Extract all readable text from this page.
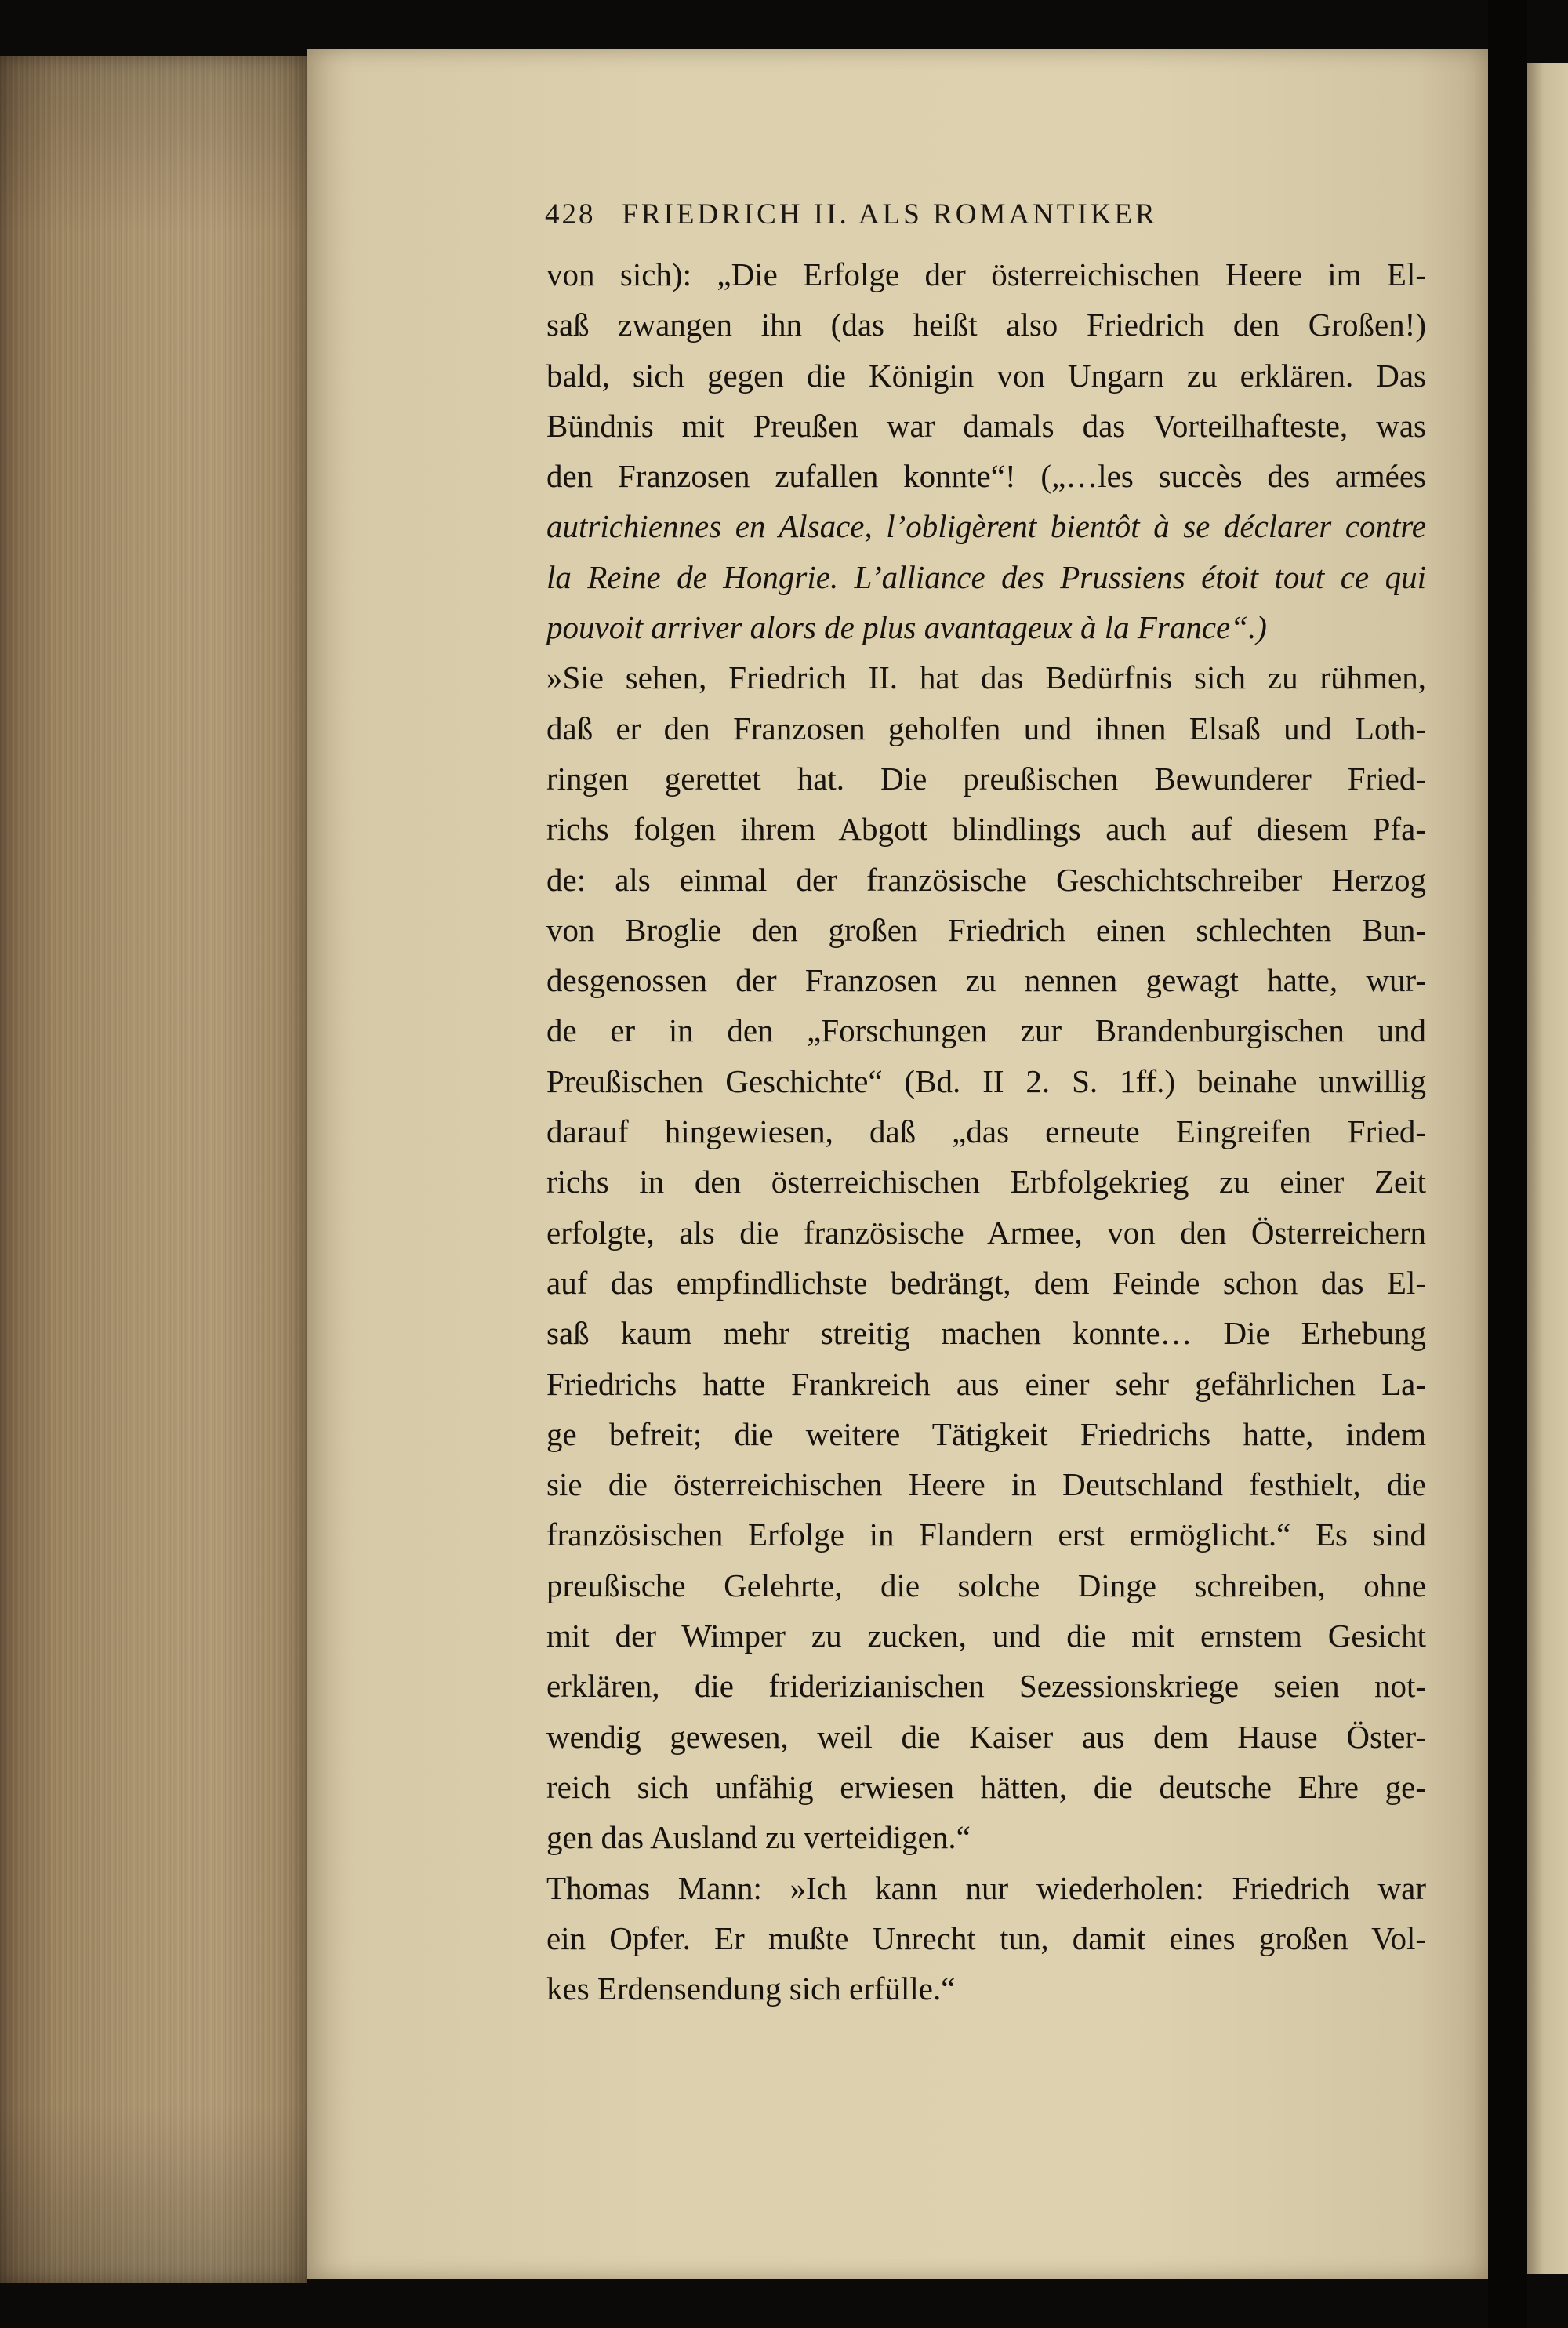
428 FRIEDRICH II. ALS ROMANTIKER
von sich): „Die Erfolge der österreichischen Heere im El-
saß zwangen ihn (das heißt also Friedrich den Großen!)
bald, sich gegen die Königin von Ungarn zu erklären. Das
Bündnis mit Preußen war damals das Vorteilhafteste, was
den Franzosen zufallen konnte“! („…les succès des armées
autrichiennes en Alsace, l’obligèrent bientôt à se déclarer contre
la Reine de Hongrie. L’alliance des Prussiens étoit tout ce qui
pouvoit arriver alors de plus avantageux à la France“.)
»Sie sehen, Friedrich II. hat das Bedürfnis sich zu rühmen,
daß er den Franzosen geholfen und ihnen Elsaß und Loth-
ringen gerettet hat. Die preußischen Bewunderer Fried-
richs folgen ihrem Abgott blindlings auch auf diesem Pfa-
de: als einmal der französische Geschichtschreiber Herzog
von Broglie den großen Friedrich einen schlechten Bun-
desgenossen der Franzosen zu nennen gewagt hatte, wur-
de er in den „Forschungen zur Brandenburgischen und
Preußischen Geschichte“ (Bd. II 2. S. 1ff.) beinahe unwillig
darauf hingewiesen, daß „das erneute Eingreifen Fried-
richs in den österreichischen Erbfolgekrieg zu einer Zeit
erfolgte, als die französische Armee, von den Österreichern
auf das empfindlichste bedrängt, dem Feinde schon das El-
saß kaum mehr streitig machen konnte… Die Erhebung
Friedrichs hatte Frankreich aus einer sehr gefährlichen La-
ge befreit; die weitere Tätigkeit Friedrichs hatte, indem
sie die österreichischen Heere in Deutschland festhielt, die
französischen Erfolge in Flandern erst ermöglicht.“ Es sind
preußische Gelehrte, die solche Dinge schreiben, ohne
mit der Wimper zu zucken, und die mit ernstem Gesicht
erklären, die friderizianischen Sezessionskriege seien not-
wendig gewesen, weil die Kaiser aus dem Hause Öster-
reich sich unfähig erwiesen hätten, die deutsche Ehre ge-
gen das Ausland zu verteidigen.“
Thomas Mann: »Ich kann nur wiederholen: Friedrich war
ein Opfer. Er mußte Unrecht tun, damit eines großen Vol-
kes Erdensendung sich erfülle.“
